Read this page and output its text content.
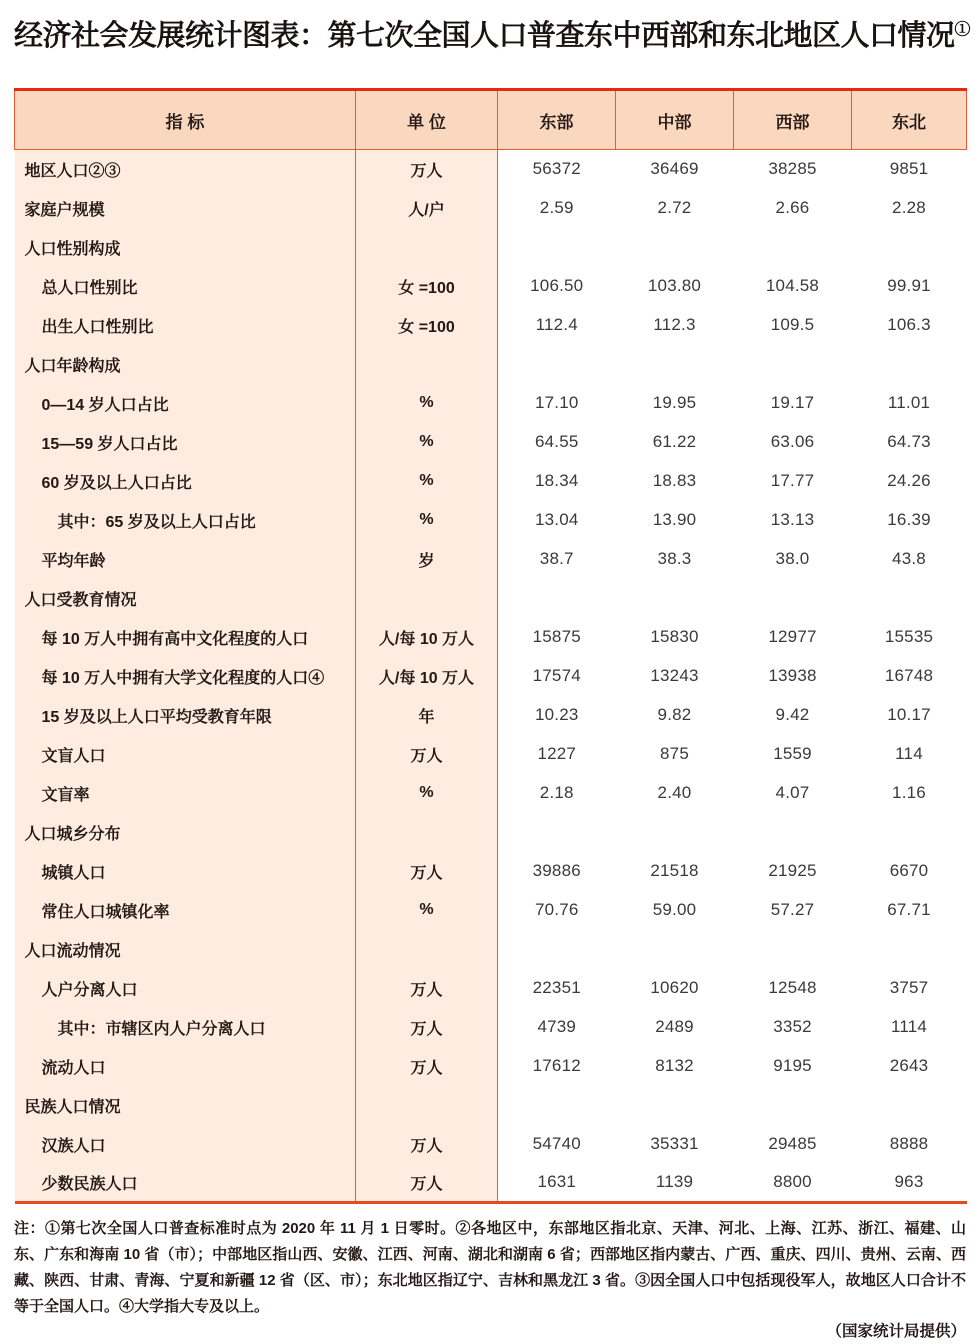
经济社会发展统计图表：第七次全国人口普查东中西部和东北地区人口情况①
指 标	单 位	东部	中部	西部	东北
地区人口②③	万人	56372	36469	38285	9851
家庭户规模	人/户	2.59	2.72	2.66	2.28
人口性别构成					
总人口性别比	女 =100	106.50	103.80	104.58	99.91
出生人口性别比	女 =100	112.4	112.3	109.5	106.3
人口年龄构成					
0—14 岁人口占比	%	17.10	19.95	19.17	11.01
15—59 岁人口占比	%	64.55	61.22	63.06	64.73
60 岁及以上人口占比	%	18.34	18.83	17.77	24.26
其中：65 岁及以上人口占比	%	13.04	13.90	13.13	16.39
平均年龄	岁	38.7	38.3	38.0	43.8
人口受教育情况					
每 10 万人中拥有高中文化程度的人口	人/每 10 万人	15875	15830	12977	15535
每 10 万人中拥有大学文化程度的人口④	人/每 10 万人	17574	13243	13938	16748
15 岁及以上人口平均受教育年限	年	10.23	9.82	9.42	10.17
文盲人口	万人	1227	875	1559	114
文盲率	%	2.18	2.40	4.07	1.16
人口城乡分布					
城镇人口	万人	39886	21518	21925	6670
常住人口城镇化率	%	70.76	59.00	57.27	67.71
人口流动情况					
人户分离人口	万人	22351	10620	12548	3757
其中：市辖区内人户分离人口	万人	4739	2489	3352	1114
流动人口	万人	17612	8132	9195	2643
民族人口情况					
汉族人口	万人	54740	35331	29485	8888
少数民族人口	万人	1631	1139	8800	963

注：①第七次全国人口普查标准时点为 2020 年 11 月 1 日零时。②各地区中，东部地区指北京、天津、河北、上海、江苏、浙江、福建、山东、广东和海南 10 省（市）；中部地区指山西、安徽、江西、河南、湖北和湖南 6 省；西部地区指内蒙古、广西、重庆、四川、贵州、云南、西藏、陕西、甘肃、青海、宁夏和新疆 12 省（区、市）；东北地区指辽宁、吉林和黑龙江 3 省。③因全国人口中包括现役军人，故地区人口合计不等于全国人口。④大学指大专及以上。

（国家统计局提供）
